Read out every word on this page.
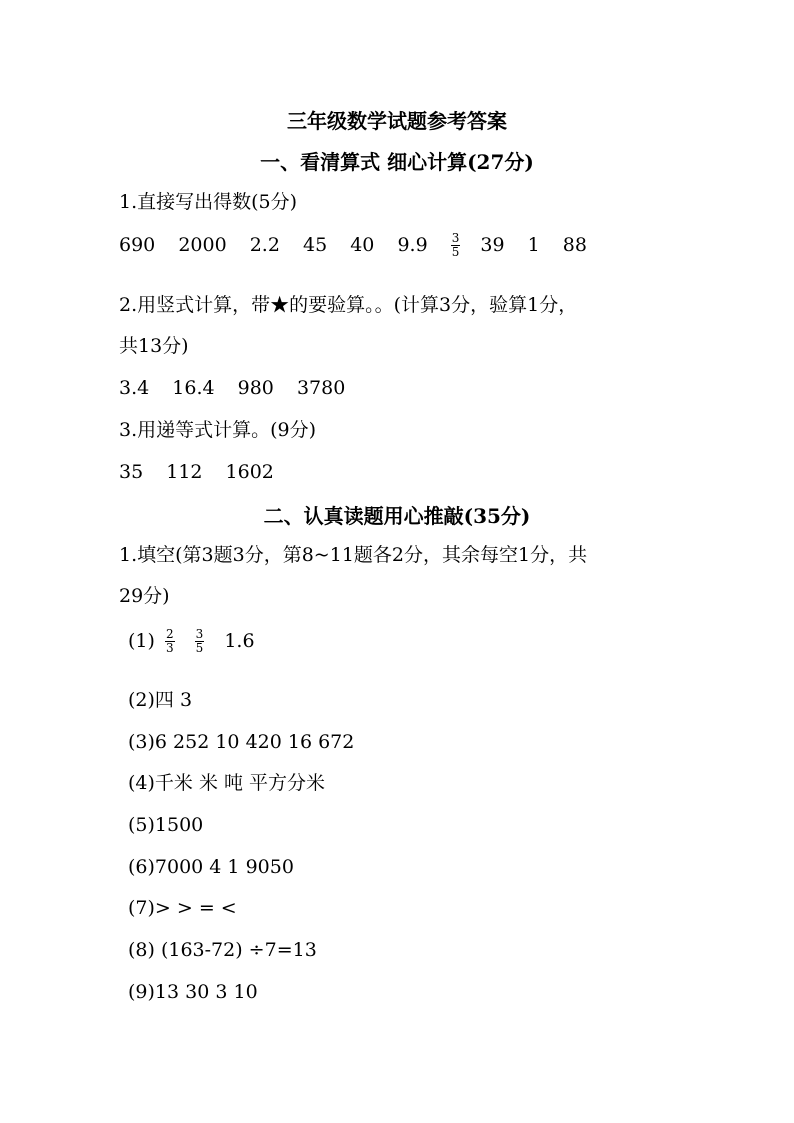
三年级数学试题参考答案
一、看清算式 细心计算(27分)
1.直接写出得数(5分)
690 2000 2.2 45 40 $9.9 \frac{3}{5} 39$ 1 88
2.用竖式计算，带★的要验算。。(计算3分，验算1分，
共13分)
3.4 16.4 980 3780
3.用递等式计算。(9分)
35 112 1602
二、认真读题用心推敲(35分)
1.填空(第3题3分，第8~11题各2分，其余每空1分，共
29分)
$(1) \frac{2}{3}$
$\frac{3}{5} 1.6$
(2)四 3
(3)6 252 10 420 16 672
(4)千米 米 吨 平方分米
(5)1500
(6)7000 4 1 9050
(7)> > = <
(8) (163-72) ÷7=13
(9)13 30 3 10
